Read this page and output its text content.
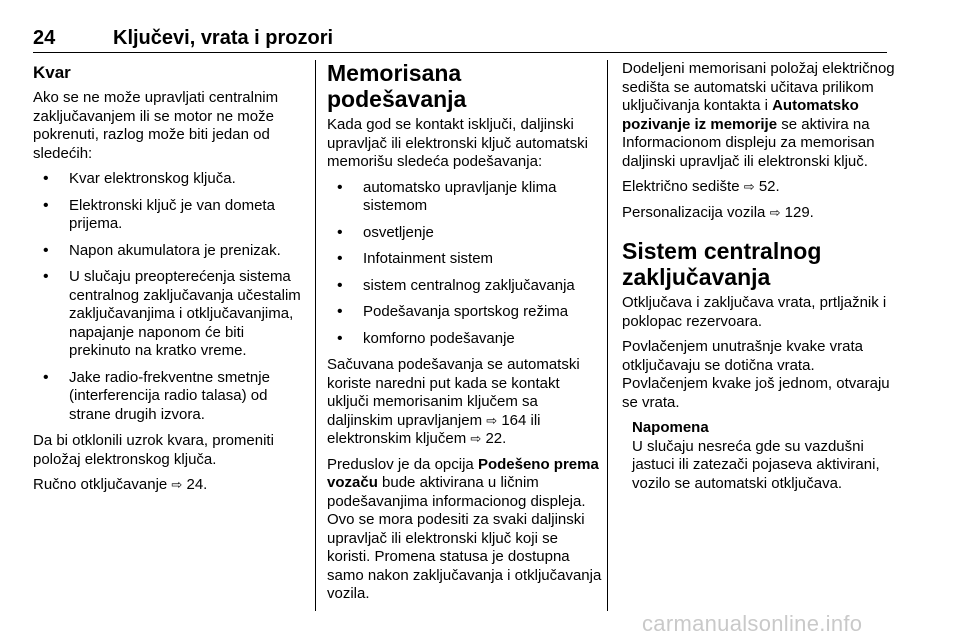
24	Ključevi, vrata i prozori
Kvar

Ako se ne može upravljati centralnim zaključavanjem ili se motor ne može pokrenuti, razlog može biti jedan od sledećih:

• Kvar elektronskog ključa.
• Elektronski ključ je van dometa prijema.
• Napon akumulatora je prenizak.
• U slučaju preopterećenja sistema centralnog zaključavanja učestalim zaključavanjima i otključavanjima, napajanje naponom će biti prekinuto na kratko vreme.
• Jake radio-frekventne smetnje (interferencija radio talasa) od strane drugih izvora.

Da bi otklonili uzrok kvara, promeniti položaj elektronskog ključa.

Ručno otključavanje ⇨ 24.

Memorisana podešavanja

Kada god se kontakt isključi, daljinski upravljač ili elektronski ključ automatski memorišu sledeća podešavanja:

• automatsko upravljanje klima sistemom
• osvetljenje
• Infotainment sistem
• sistem centralnog zaključavanja
• Podešavanja sportskog režima
• komforno podešavanje

Sačuvana podešavanja se automatski koriste naredni put kada se kontakt uključi memorisanim ključem sa daljinskim upravljanjem ⇨ 164 ili elektronskim ključem ⇨ 22.

Preduslov je da opcija Podešeno prema vozaču bude aktivirana u ličnim podešavanjima informacionog displeja. Ovo se mora podesiti za svaki daljinski upravljač ili elektronski ključ koji se koristi. Promena statusa je dostupna samo nakon zaključavanja i otključavanja vozila.

Dodeljeni memorisani položaj električnog sedišta se automatski učitava prilikom uključivanja kontakta i Automatsko pozivanje iz memorije se aktivira na Informacionom displeju za memorisan daljinski upravljač ili elektronski ključ.

Električno sedište ⇨ 52.

Personalizacija vozila ⇨ 129.

Sistem centralnog zaključavanja

Otključava i zaključava vrata, prtljažnik i poklopac rezervoara.

Povlačenjem unutrašnje kvake vrata otključavaju se dotična vrata. Povlačenjem kvake još jednom, otvaraju se vrata.

Napomena
U slučaju nesreća gde su vazdušni jastuci ili zatezači pojaseva aktivirani, vozilo se automatski otključava.
carmanualsonline.info
